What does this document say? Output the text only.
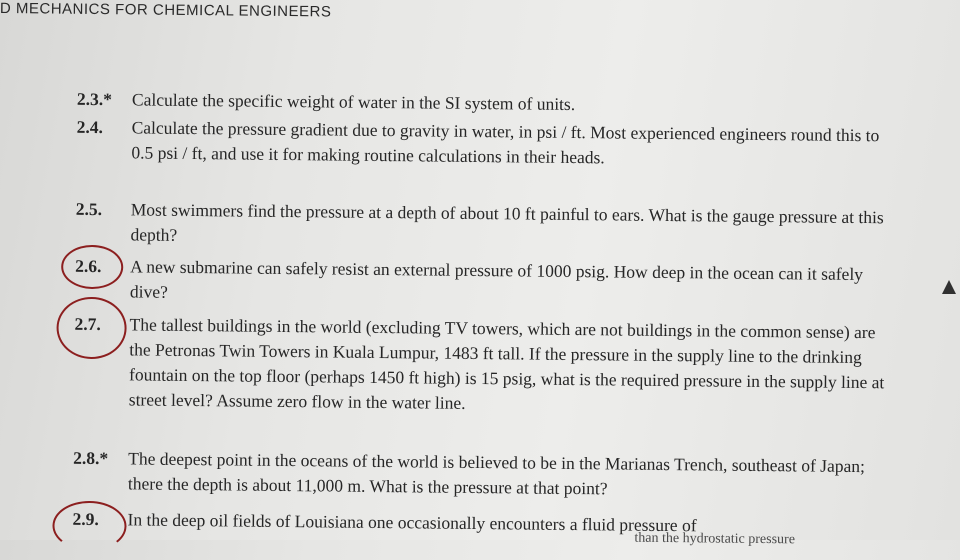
D MECHANICS FOR CHEMICAL ENGINEERS
2.3.*	Calculate the specific weight of water in the SI system of units.
2.4.	Calculate the pressure gradient due to gravity in water, in psi / ft. Most experienced engineers round this to 0.5 psi / ft, and use it for making routine calculations in their heads.
2.5.	Most swimmers find the pressure at a depth of about 10 ft painful to ears. What is the gauge pressure at this depth?
2.6.	A new submarine can safely resist an external pressure of 1000 psig. How deep in the ocean can it safely dive?
2.7.	The tallest buildings in the world (excluding TV towers, which are not buildings in the common sense) are the Petronas Twin Towers in Kuala Lumpur, 1483 ft tall. If the pressure in the supply line to the drinking fountain on the top floor (perhaps 1450 ft high) is 15 psig, what is the required pressure in the supply line at street level? Assume zero flow in the water line.
2.8.*	The deepest point in the oceans of the world is believed to be in the Marianas Trench, southeast of Japan; there the depth is about 11,000 m. What is the pressure at that point?
2.9.	In the deep oil fields of Louisiana one occasionally encounters a fluid pressure of
than the hydrostatic pressure
